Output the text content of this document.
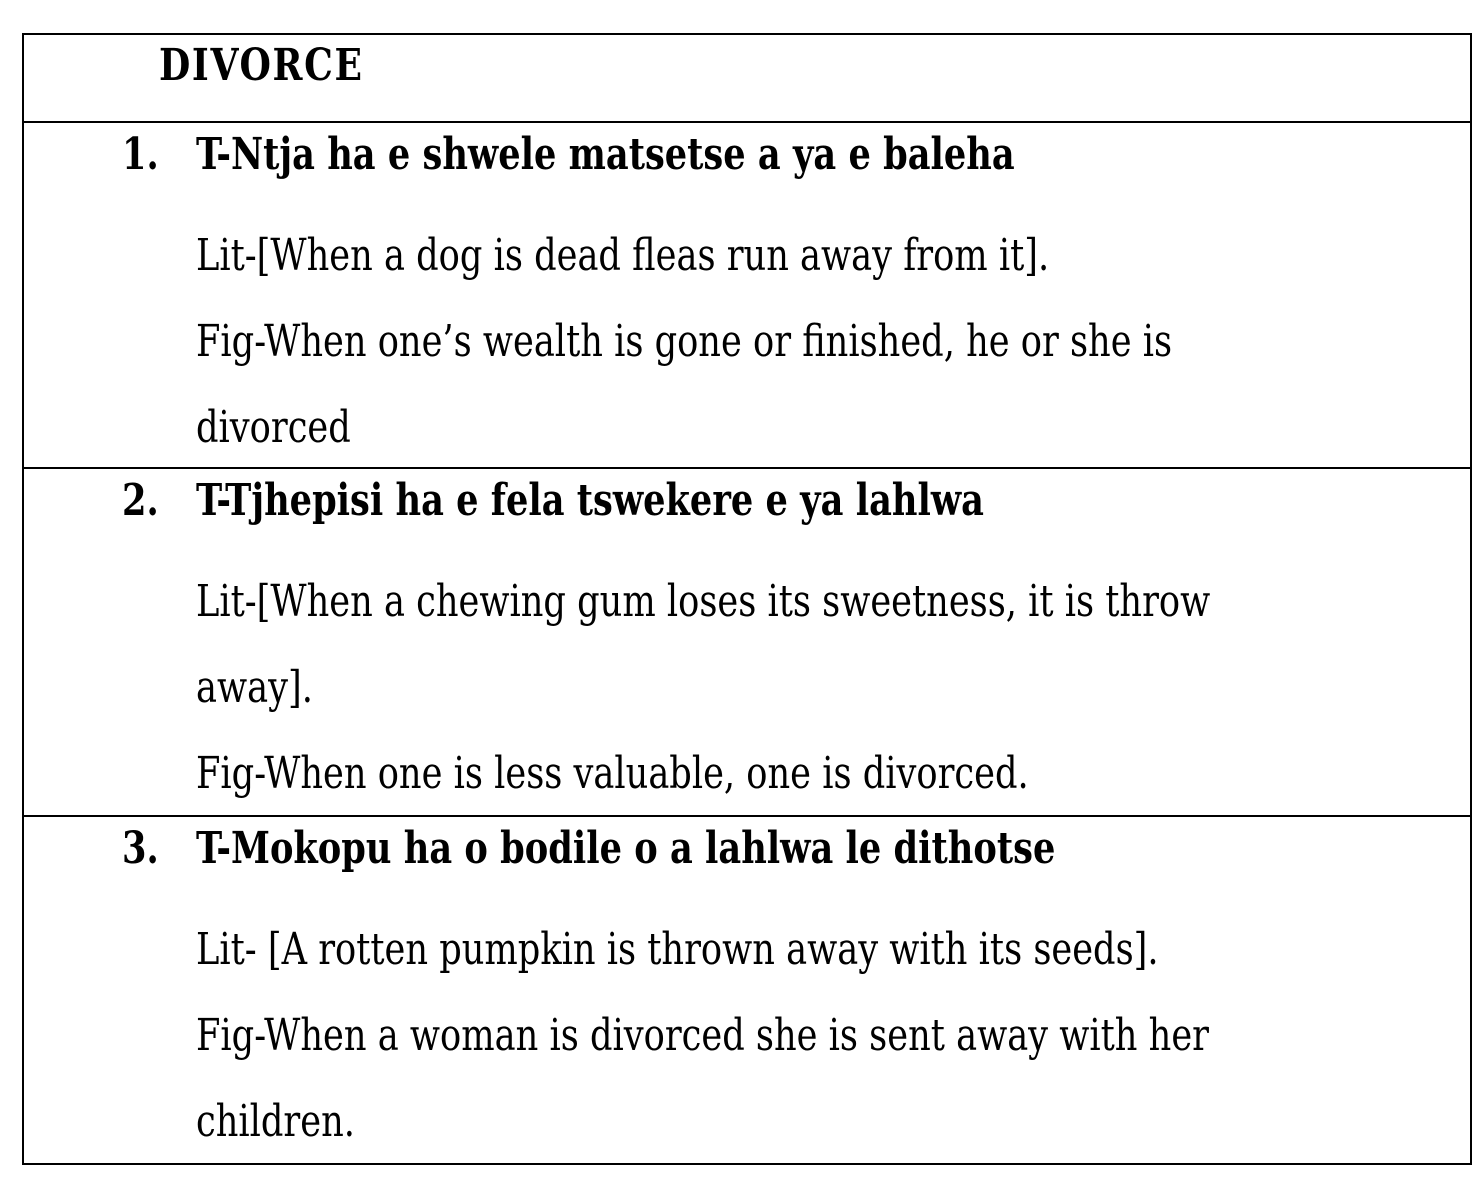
DIVORCE
1. T-Ntja ha e shwele matsetse a ya e baleha
Lit-[When a dog is dead fleas run away from it].
Fig-When one’s wealth is gone or finished, he or she is
divorced
2. T-Tjhepisi ha e fela tswekere e ya lahlwa
Lit-[When a chewing gum loses its sweetness, it is throw
away].
Fig-When one is less valuable, one is divorced.
3. T-Mokopu ha o bodile o a lahlwa le dithotse
Lit- [A rotten pumpkin is thrown away with its seeds].
Fig-When a woman is divorced she is sent away with her
children.
